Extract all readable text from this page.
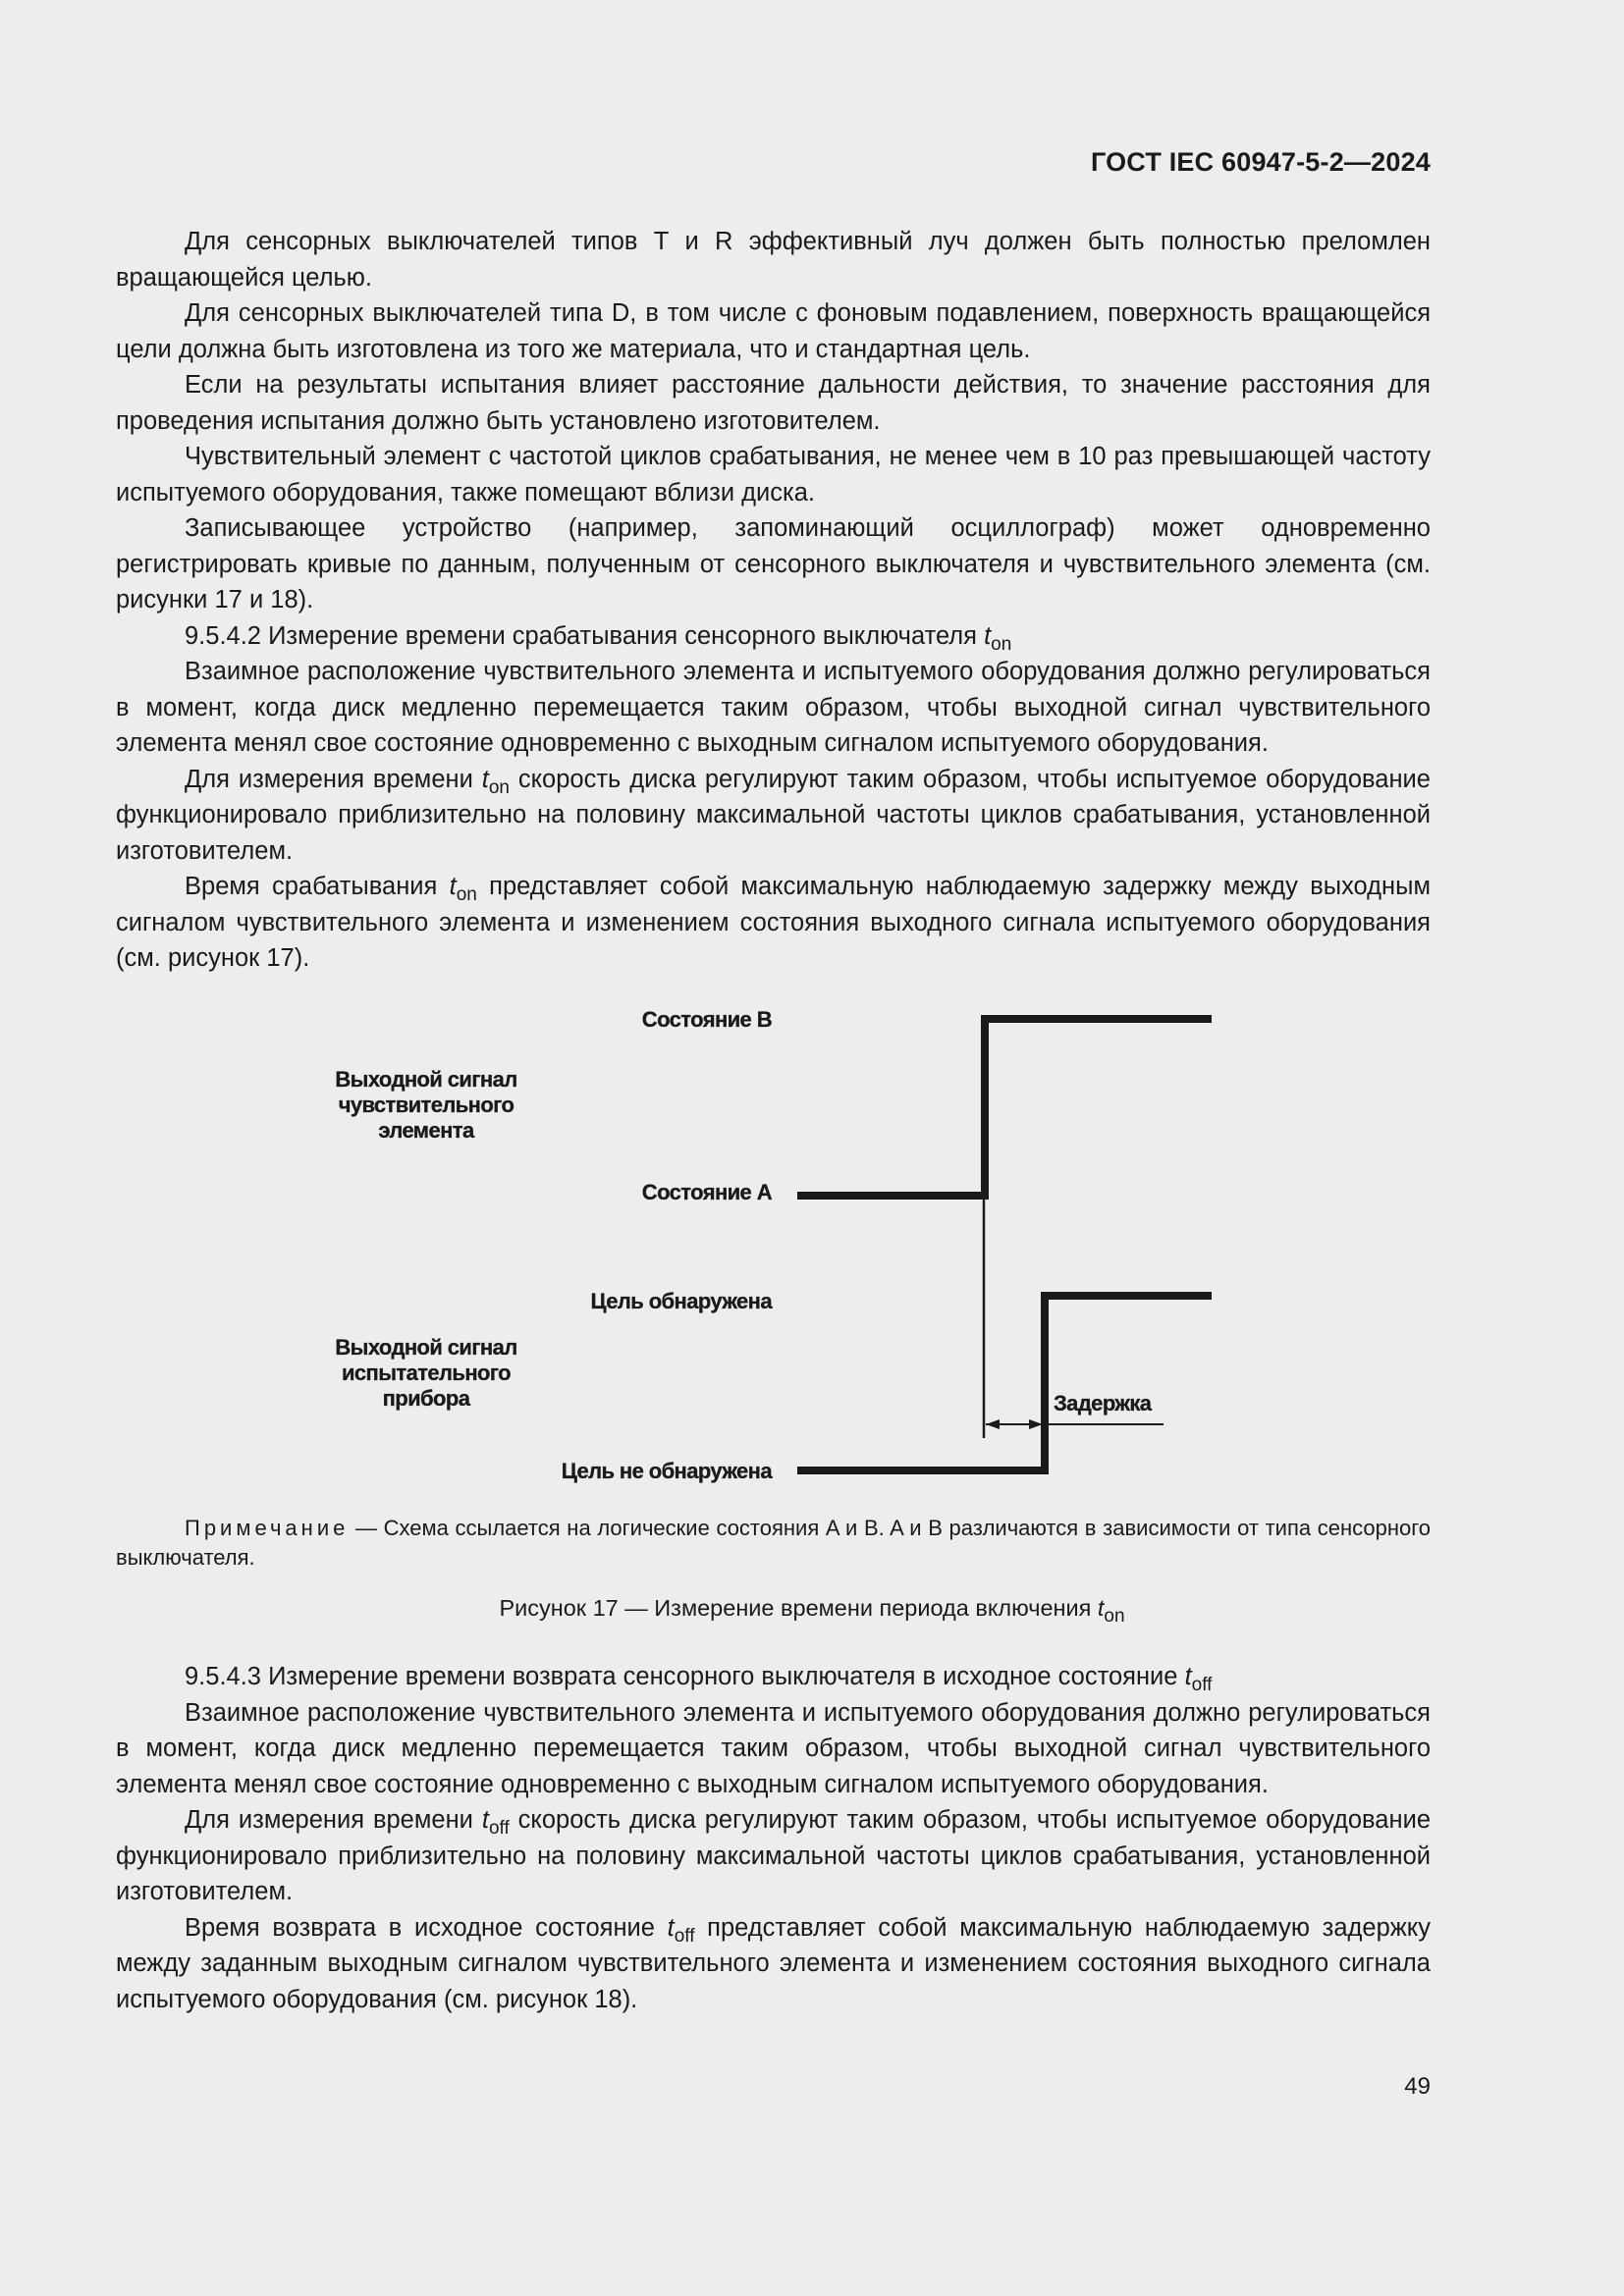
ГОСТ IEC 60947-5-2—2024

Для сенсорных выключателей типов Т и R эффективный луч должен быть полностью преломлен вращающейся целью.

Для сенсорных выключателей типа D, в том числе с фоновым подавлением, поверхность вращающейся цели должна быть изготовлена из того же материала, что и стандартная цель.

Если на результаты испытания влияет расстояние дальности действия, то значение расстояния для проведения испытания должно быть установлено изготовителем.

Чувствительный элемент с частотой циклов срабатывания, не менее чем в 10 раз превышающей частоту испытуемого оборудования, также помещают вблизи диска.

Записывающее устройство (например, запоминающий осциллограф) может одновременно регистрировать кривые по данным, полученным от сенсорного выключателя и чувствительного элемента (см. рисунки 17 и 18).

9.5.4.2 Измерение времени срабатывания сенсорного выключателя $t_{on}$

Взаимное расположение чувствительного элемента и испытуемого оборудования должно регулироваться в момент, когда диск медленно перемещается таким образом, чтобы выходной сигнал чувствительного элемента менял свое состояние одновременно с выходным сигналом испытуемого оборудования.

Для измерения времени $t_{on}$ скорость диска регулируют таким образом, чтобы испытуемое оборудование функционировало приблизительно на половину максимальной частоты циклов срабатывания, установленной изготовителем.

Время срабатывания $t_{on}$ представляет собой максимальную наблюдаемую задержку между выходным сигналом чувствительного элемента и изменением состояния выходного сигнала испытуемого оборудования (см. рисунок 17).

Состояние B
Выходной сигнал чувствительного элемента
Состояние A
Цель обнаружена
Выходной сигнал испытательного прибора
Цель не обнаружена
Задержка
Примечание — Схема ссылается на логические состояния A и B. A и B различаются в зависимости от типа сенсорного выключателя.
Рисунок 17 — Измерение времени периода включения $t_{on}$

9.5.4.3 Измерение времени возврата сенсорного выключателя в исходное состояние $t_{off}$

Взаимное расположение чувствительного элемента и испытуемого оборудования должно регулироваться в момент, когда диск медленно перемещается таким образом, чтобы выходной сигнал чувствительного элемента менял свое состояние одновременно с выходным сигналом испытуемого оборудования.

Для измерения времени $t_{off}$ скорость диска регулируют таким образом, чтобы испытуемое оборудование функционировало приблизительно на половину максимальной частоты циклов срабатывания, установленной изготовителем.

Время возврата в исходное состояние $t_{off}$ представляет собой максимальную наблюдаемую задержку между заданным выходным сигналом чувствительного элемента и изменением состояния выходного сигнала испытуемого оборудования (см. рисунок 18).

49
